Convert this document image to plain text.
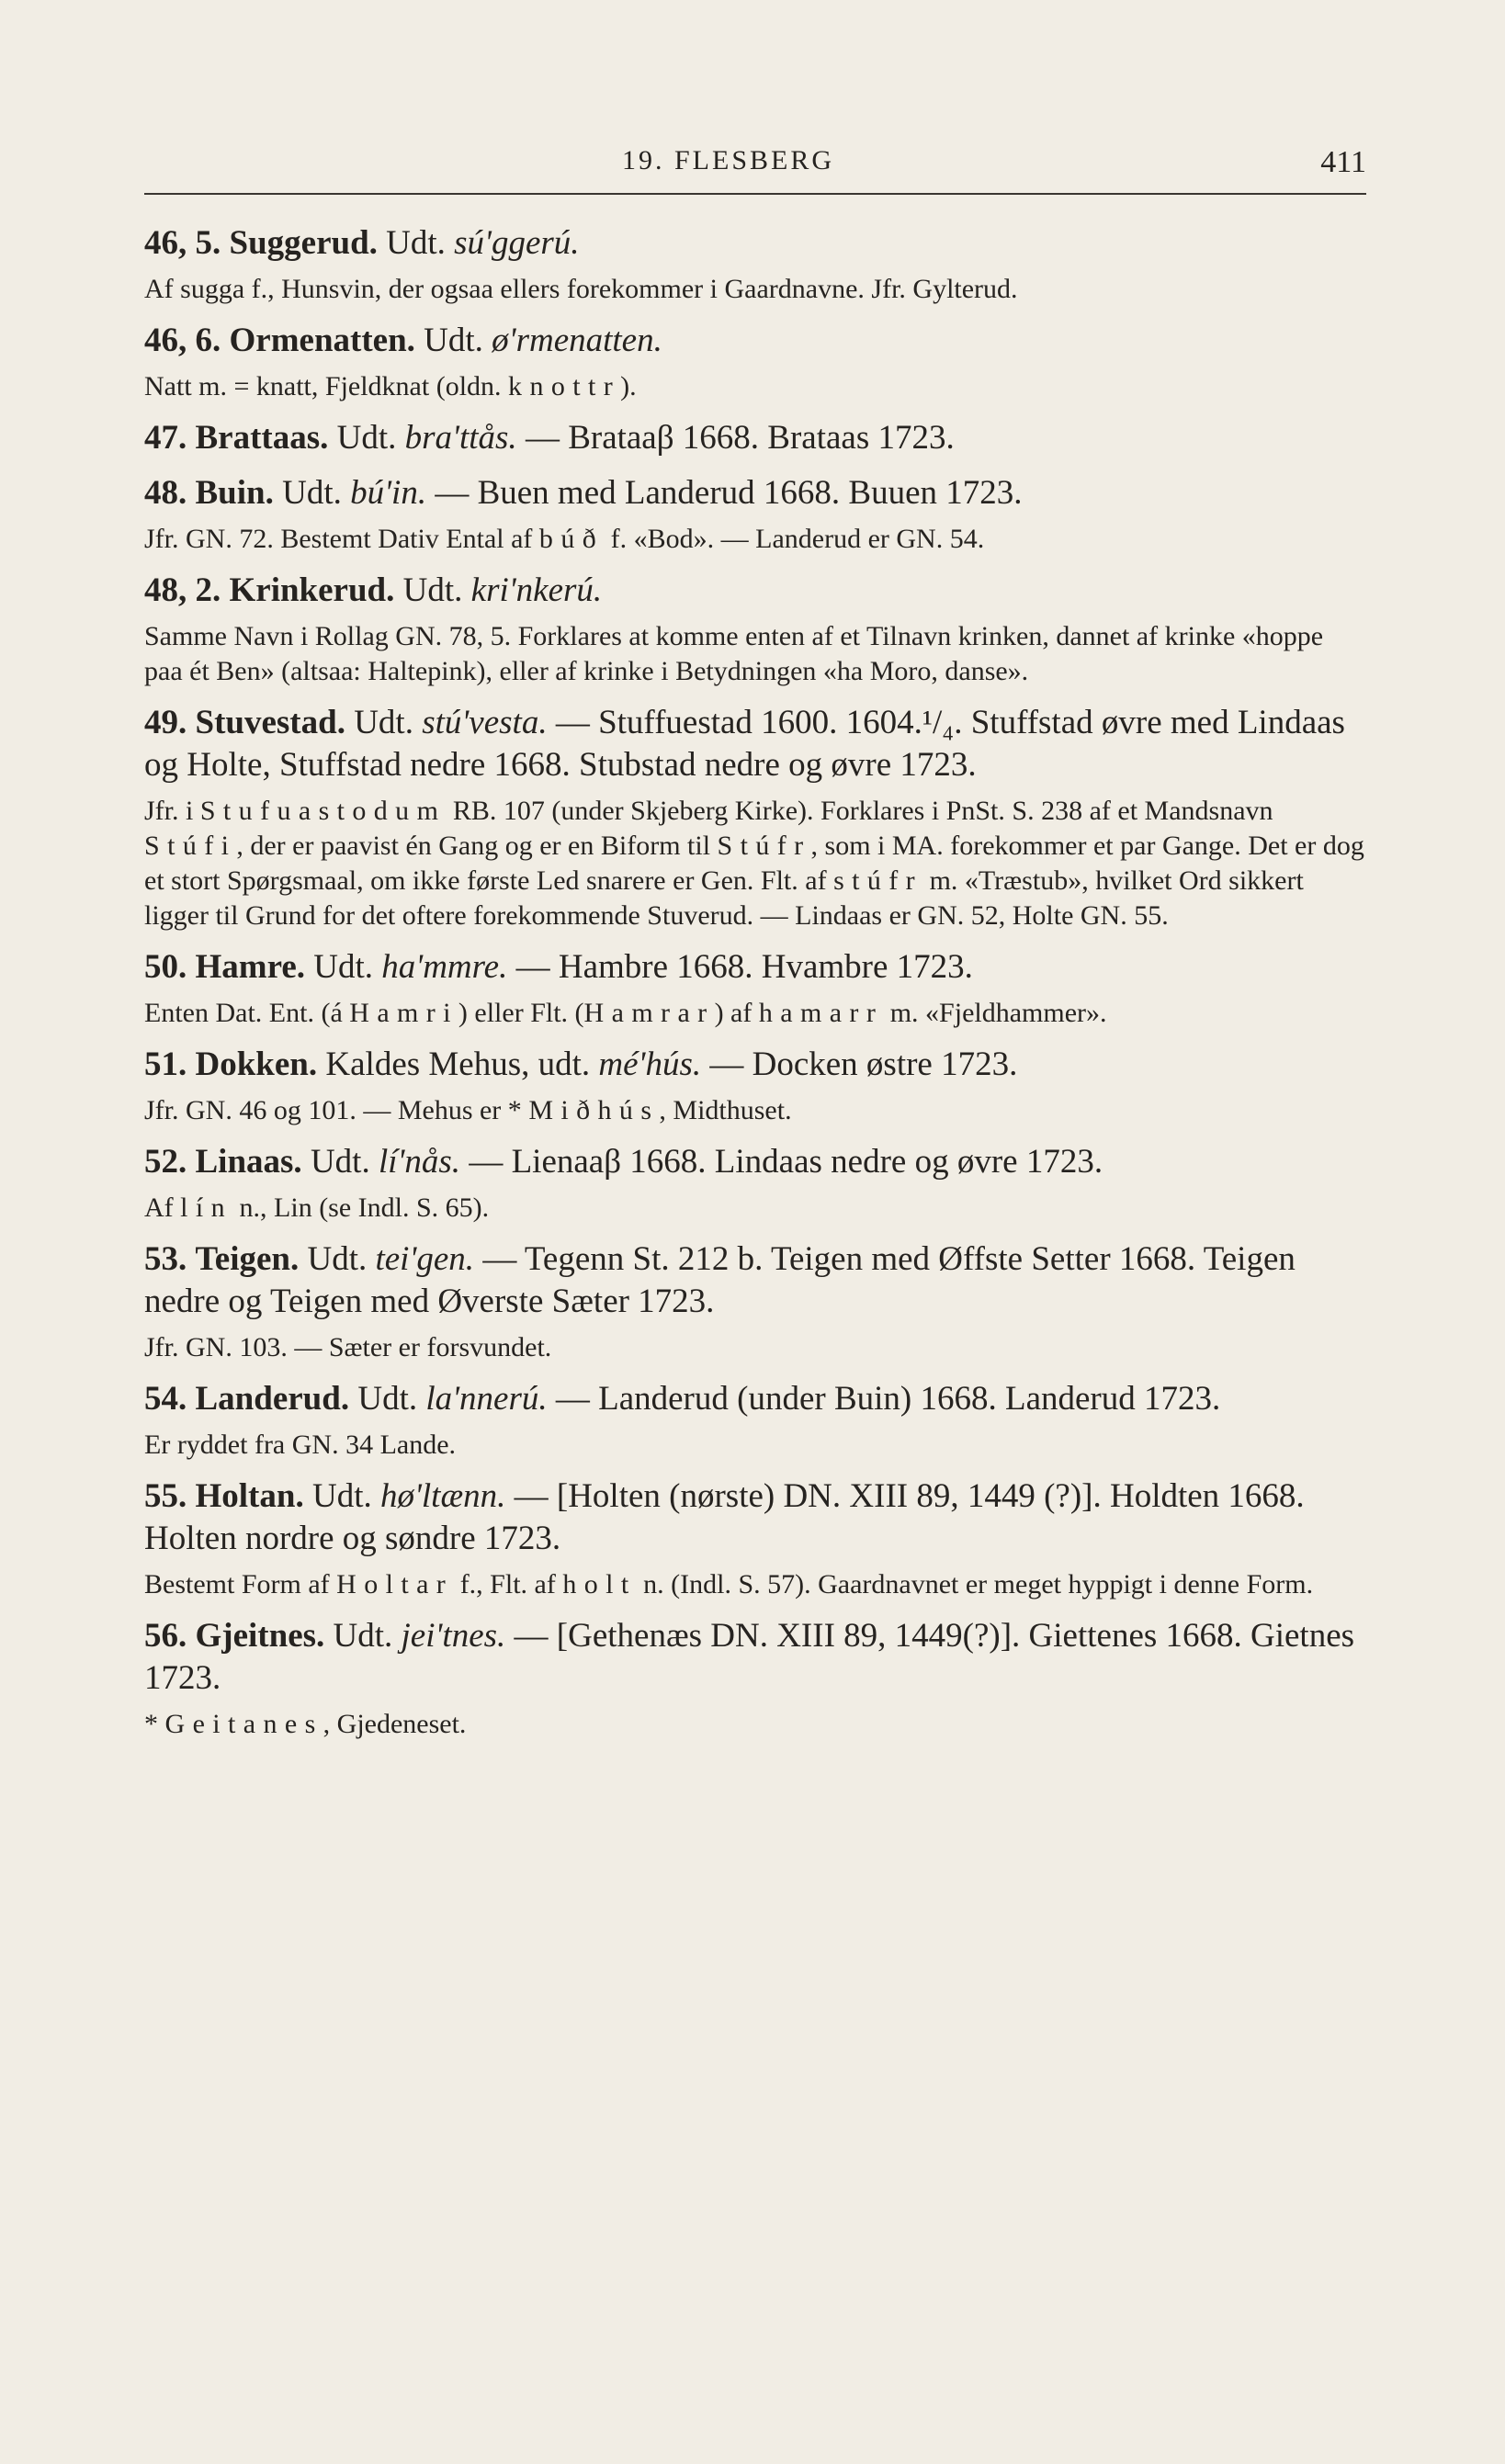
19. FLESBERG	411
46, 5. Suggerud. Udt. sú'ggerú.
Af sugga f., Hunsvin, der ogsaa ellers forekommer i Gaardnavne. Jfr. Gylterud.
46, 6. Ormenatten. Udt. ø'rmenatten.
Natt m. = knatt, Fjeldknat (oldn. knottr).
47. Brattaas. Udt. bra'ttås. — Brataaβ 1668. Brataas 1723.
48. Buin. Udt. bú'in. — Buen med Landerud 1668. Buuen 1723.
Jfr. GN. 72. Bestemt Dativ Ental af búð f. «Bod». — Landerud er GN. 54.
48, 2. Krinkerud. Udt. kri'nkerú.
Samme Navn i Rollag GN. 78, 5. Forklares at komme enten af et Tilnavn krinken, dannet af krinke «hoppe paa ét Ben» (altsaa: Haltepink), eller af krinke i Betydningen «ha Moro, danse».
49. Stuvestad. Udt. stú'vesta. — Stuffuestad 1600. 1604.¹/₄. Stuffstad øvre med Lindaas og Holte, Stuffstad nedre 1668. Stubstad nedre og øvre 1723.
Jfr. i Stufuastodum RB. 107 (under Skjeberg Kirke). Forklares i PnSt. S. 238 af et Mandsnavn Stúfi, der er paavist én Gang og er en Biform til Stúfr, som i MA. forekommer et par Gange. Det er dog et stort Spørgsmaal, om ikke første Led snarere er Gen. Flt. af stúfr m. «Træstub», hvilket Ord sikkert ligger til Grund for det oftere forekommende Stuverud. — Lindaas er GN. 52, Holte GN. 55.
50. Hamre. Udt. ha'mmre. — Hambre 1668. Hvambre 1723.
Enten Dat. Ent. (á Hamri) eller Flt. (Hamrar) af hamarr m. «Fjeldhammer».
51. Dokken. Kaldes Mehus, udt. mé'hús. — Docken østre 1723.
Jfr. GN. 46 og 101. — Mehus er * Miðhús, Midthuset.
52. Linaas. Udt. lí'nås. — Lienaaβ 1668. Lindaas nedre og øvre 1723.
Af lín n., Lin (se Indl. S. 65).
53. Teigen. Udt. tei'gen. — Tegenn St. 212 b. Teigen med Øffste Setter 1668. Teigen nedre og Teigen med Øverste Sæter 1723.
Jfr. GN. 103. — Sæter er forsvundet.
54. Landerud. Udt. la'nnerú. — Landerud (under Buin) 1668. Landerud 1723.
Er ryddet fra GN. 34 Lande.
55. Holtan. Udt. hø'ltænn. — [Holten (nørste) DN. XIII 89, 1449 (?)]. Holdten 1668. Holten nordre og søndre 1723.
Bestemt Form af Holtar f., Flt. af holt n. (Indl. S. 57). Gaardnavnet er meget hyppigt i denne Form.
56. Gjeitnes. Udt. jei'tnes. — [Gethenæs DN. XIII 89, 1449(?)]. Giettenes 1668. Gietnes 1723.
* Geitanes, Gjedeneset.
